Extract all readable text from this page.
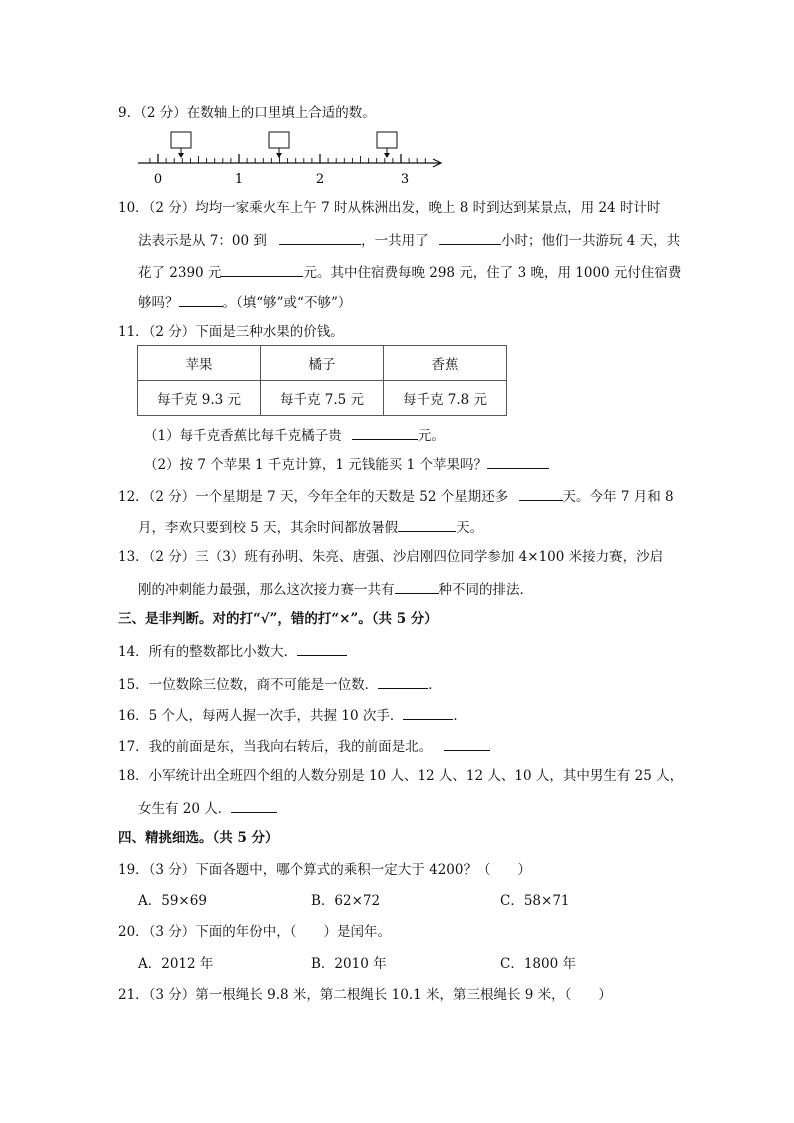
9．（2 分）在数轴上的口里填上合适的数。
0	1	2	3
10．（2 分）均均一家乘火车上午 7 时从株洲出发，晚上 8 时到达到某景点，用 24 时计时
法表示是从 7：00 到	，一共用了	小时；他们一共游玩 4 天，共
花了 2390 元	元。其中住宿费每晚 298 元，住了 3 晚，用 1000 元付住宿费
够吗？	。（填“够”或“不够”）
11．（2 分）下面是三种水果的价钱。
苹果	橘子	香蕉
每千克 9.3 元	每千克 7.5 元	每千克 7.8 元
（1）每千克香蕉比每千克橘子贵	元。
（2）按 7 个苹果 1 千克计算，1 元钱能买 1 个苹果吗？
12．（2 分）一个星期是 7 天，今年全年的天数是 52 个星期还多	天。今年 7 月和 8
月，李欢只要到校 5 天，其余时间都放暑假	天。
13．（2 分）三（3）班有孙明、朱亮、唐强、沙启刚四位同学参加 4×100 米接力赛，沙启
刚的冲刺能力最强，那么这次接力赛一共有	种不同的排法．
三、是非判断。对的打“√”，错的打“×”。（共 5 分）
14．所有的整数都比小数大．
15．一位数除三位数，商不可能是一位数．	．
16．5 个人，每两人握一次手，共握 10 次手．	．
17．我的前面是东，当我向右转后，我的前面是北。
18．小军统计出全班四个组的人数分别是 10 人、12 人、12 人、10 人，其中男生有 25 人，
女生有 20 人．
四、精挑细选。（共 5 分）
19．（3 分）下面各题中，哪个算式的乘积一定大于 4200？（　　）
A．59×69	B．62×72	C．58×71
20．（3 分）下面的年份中，（　　）是闰年。
A．2012 年	B．2010 年	C．1800 年
21．（3 分）第一根绳长 9.8 米，第二根绳长 10.1 米，第三根绳长 9 米，（　　）
